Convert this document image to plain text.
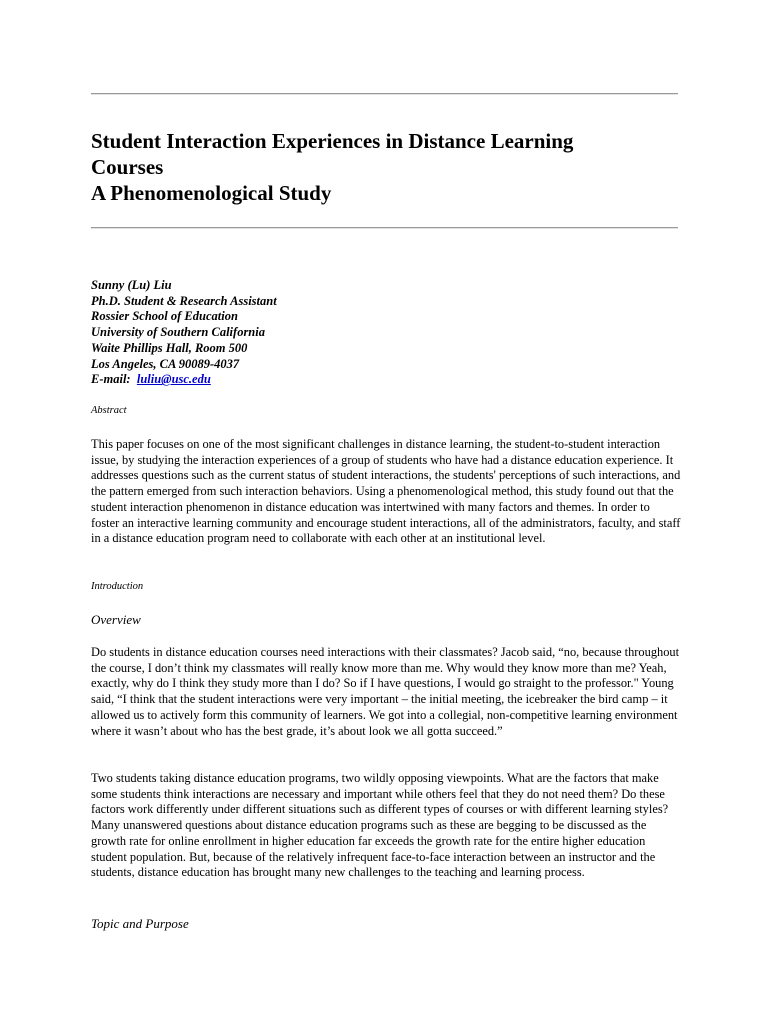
Student Interaction Experiences in Distance Learning
Courses
A Phenomenological Study
Sunny (Lu) Liu
Ph.D. Student & Research Assistant
Rossier School of Education
University of Southern California
Waite Phillips Hall, Room 500
Los Angeles, CA 90089-4037
E-mail: luliu@usc.edu

Abstract

This paper focuses on one of the most significant challenges in distance learning, the student-to-student interaction issue, by studying the interaction experiences of a group of students who have had a distance education experience. It addresses questions such as the current status of student interactions, the students' perceptions of such interactions, and the pattern emerged from such interaction behaviors. Using a phenomenological method, this study found out that the student interaction phenomenon in distance education was intertwined with many factors and themes. In order to foster an interactive learning community and encourage student interactions, all of the administrators, faculty, and staff in a distance education program need to collaborate with each other at an institutional level.

Introduction

Overview

Do students in distance education courses need interactions with their classmates? Jacob said, “no, because throughout the course, I don’t think my classmates will really know more than me. Why would they know more than me? Yeah, exactly, why do I think they study more than I do? So if I have questions, I would go straight to the professor." Young said, “I think that the student interactions were very important – the initial meeting, the icebreaker the bird camp – it allowed us to actively form this community of learners. We got into a collegial, non-competitive learning environment where it wasn’t about who has the best grade, it’s about look we all gotta succeed.”

Two students taking distance education programs, two wildly opposing viewpoints. What are the factors that make some students think interactions are necessary and important while others feel that they do not need them? Do these factors work differently under different situations such as different types of courses or with different learning styles? Many unanswered questions about distance education programs such as these are begging to be discussed as the growth rate for online enrollment in higher education far exceeds the growth rate for the entire higher education student population. But, because of the relatively infrequent face-to-face interaction between an instructor and the students, distance education has brought many new challenges to the teaching and learning process.

Topic and Purpose
